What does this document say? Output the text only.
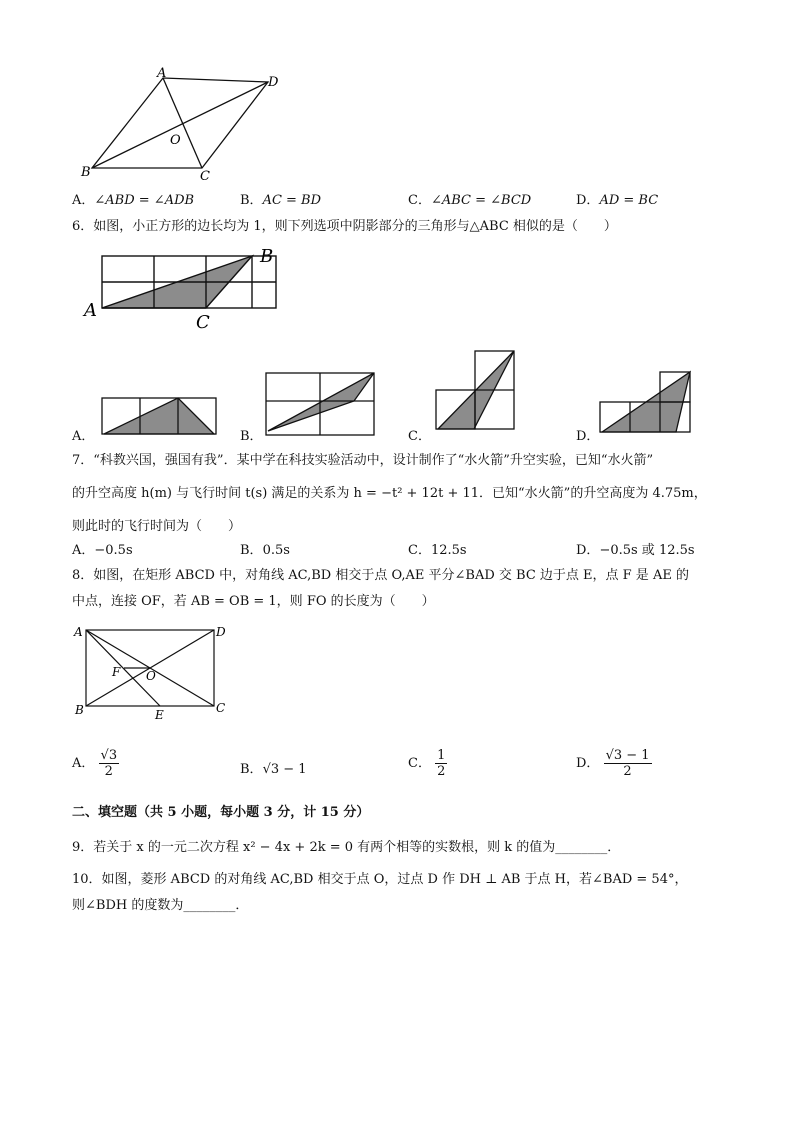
A
D
B	C
O
A．∠ABD = ∠ADB	B．AC = BD	C．∠ABC = ∠BCD	D．AD = BC
6．如图，小正方形的边长均为 1，则下列选项中阴影部分的三角形与△ABC 相似的是（　　）
B
A
C
A．	B．	C．	D．
7．“科教兴国，强国有我”．某中学在科技实验活动中，设计制作了“水火箭”升空实验，已知“水火箭”
的升空高度 h(m) 与飞行时间 t(s) 满足的关系为 h = −t² + 12t + 11．已知“水火箭”的升空高度为 4.75m，
则此时的飞行时间为（　　）
A．−0.5s	B．0.5s	C．12.5s	D．−0.5s 或 12.5s
8．如图，在矩形 ABCD 中，对角线 AC,BD 相交于点 O,AE 平分∠BAD 交 BC 边于点 E，点 F 是 AE 的
中点，连接 OF，若 AB = OB = 1，则 FO 的长度为（　　）
A	D
B	C
E
F O
A． $\frac{√3}{2}$	B．√3 − 1	C． $\frac{1}{2}$	D． $\frac{√3 - 1}{2}$
二、填空题（共 5 小题，每小题 3 分，计 15 分）
9．若关于 x 的一元二次方程 x² − 4x + 2k = 0 有两个相等的实数根，则 k 的值为________．
10．如图，菱形 ABCD 的对角线 AC,BD 相交于点 O，过点 D 作 DH ⊥ AB 于点 H，若∠BAD = 54°，
则∠BDH 的度数为________．
